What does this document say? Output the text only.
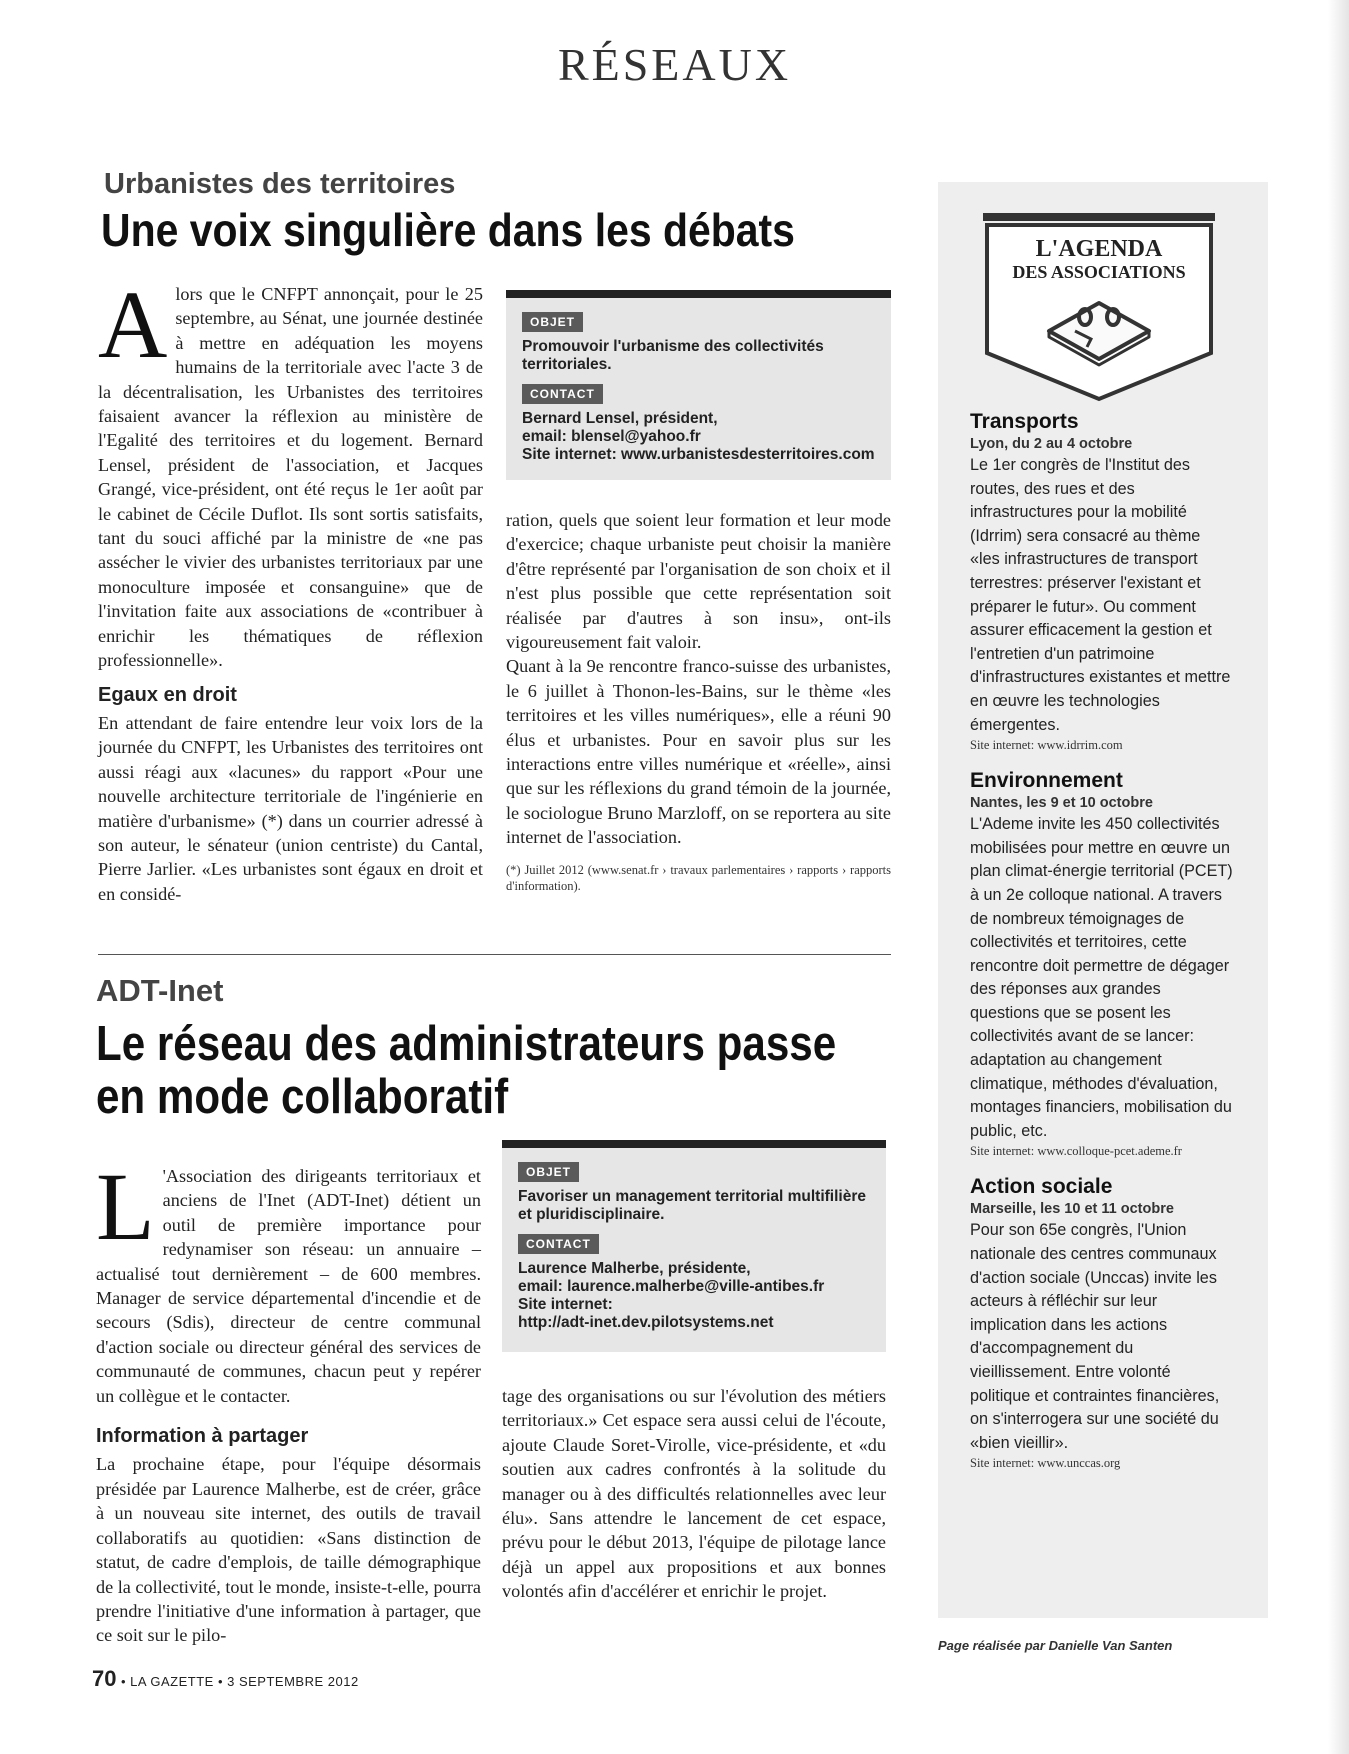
RÉSEAUX
Urbanistes des territoires
Une voix singulière dans les débats

A lors que le CNFPT annonçait, pour le 25 septembre, au Sénat, une journée destinée à mettre en adéquation les moyens humains de la territoriale avec l'acte 3 de la décentralisation, les Urbanistes des territoires faisaient avancer la réflexion au ministère de l'Egalité des territoires et du logement. Bernard Lensel, président de l'association, et Jacques Grangé, vice-président, ont été reçus le 1er août par le cabinet de Cécile Duflot. Ils sont sortis satisfaits, tant du souci affiché par la ministre de «ne pas assécher le vivier des urbanistes territoriaux par une monoculture imposée et consanguine» que de l'invitation faite aux associations de «contribuer à enrichir les thématiques de réflexion professionnelle».

Egaux en droit

En attendant de faire entendre leur voix lors de la journée du CNFPT, les Urbanistes des territoires ont aussi réagi aux «lacunes» du rapport «Pour une nouvelle architecture territoriale de l'ingénierie en matière d'urbanisme» (*) dans un courrier adressé à son auteur, le sénateur (union centriste) du Cantal, Pierre Jarlier. «Les urbanistes sont égaux en droit et en considé-

OBJET
Promouvoir l'urbanisme des collectivités territoriales.
CONTACT
Bernard Lensel, président,
email: blensel@yahoo.fr
Site internet: www.urbanistesdesterritoires.com

ration, quels que soient leur formation et leur mode d'exercice; chaque urbaniste peut choisir la manière d'être représenté par l'organisation de son choix et il n'est plus possible que cette représentation soit réalisée par d'autres à son insu», ont-ils vigoureusement fait valoir.

Quant à la 9e rencontre franco-suisse des urbanistes, le 6 juillet à Thonon-les-Bains, sur le thème «les territoires et les villes numériques», elle a réuni 90 élus et urbanistes. Pour en savoir plus sur les interactions entre villes numérique et «réelle», ainsi que sur les réflexions du grand témoin de la journée, le sociologue Bruno Marzloff, on se reportera au site internet de l'association.

(*) Juillet 2012 (www.senat.fr › travaux parlementaires › rapports › rapports d'information).
ADT-Inet
Le réseau des administrateurs passe
en mode collaboratif

L 'Association des dirigeants territoriaux et anciens de l'Inet (ADT-Inet) détient un outil de première importance pour redynamiser son réseau: un annuaire – actualisé tout dernièrement – de 600 membres. Manager de service départemental d'incendie et de secours (Sdis), directeur de centre communal d'action sociale ou directeur général des services de communauté de communes, chacun peut y repérer un collègue et le contacter.

Information à partager

La prochaine étape, pour l'équipe désormais présidée par Laurence Malherbe, est de créer, grâce à un nouveau site internet, des outils de travail collaboratifs au quotidien: «Sans distinction de statut, de cadre d'emplois, de taille démographique de la collectivité, tout le monde, insiste-t-elle, pourra prendre l'initiative d'une information à partager, que ce soit sur le pilo-

OBJET
Favoriser un management territorial multifilière et pluridisciplinaire.
CONTACT
Laurence Malherbe, présidente,
email: laurence.malherbe@ville-antibes.fr
Site internet:
http://adt-inet.dev.pilotsystems.net

tage des organisations ou sur l'évolution des métiers territoriaux.» Cet espace sera aussi celui de l'écoute, ajoute Claude Soret-Virolle, vice-présidente, et «du soutien aux cadres confrontés à la solitude du manager ou à des difficultés relationnelles avec leur élu». Sans attendre le lancement de cet espace, prévu pour le début 2013, l'équipe de pilotage lance déjà un appel aux propositions et aux bonnes volontés afin d'accélérer et enrichir le projet.

L'AGENDA
DES ASSOCIATIONS
Transports
Lyon, du 2 au 4 octobre
Le 1er congrès de l'Institut des routes, des rues et des infrastructures pour la mobilité (Idrrim) sera consacré au thème «les infrastructures de transport terrestres: préserver l'existant et préparer le futur». Ou comment assurer efficacement la gestion et l'entretien d'un patrimoine d'infrastructures existantes et mettre en œuvre les technologies émergentes.
Site internet: www.idrrim.com
Environnement
Nantes, les 9 et 10 octobre
L'Ademe invite les 450 collectivités mobilisées pour mettre en œuvre un plan climat-énergie territorial (PCET) à un 2e colloque national. A travers de nombreux témoignages de collectivités et territoires, cette rencontre doit permettre de dégager des réponses aux grandes questions que se posent les collectivités avant de se lancer: adaptation au changement climatique, méthodes d'évaluation, montages financiers, mobilisation du public, etc.
Site internet: www.colloque-pcet.ademe.fr
Action sociale
Marseille, les 10 et 11 octobre
Pour son 65e congrès, l'Union nationale des centres communaux d'action sociale (Unccas) invite les acteurs à réfléchir sur leur implication dans les actions d'accompagnement du vieillissement. Entre volonté politique et contraintes financières, on s'interrogera sur une société du «bien vieillir».
Site internet: www.unccas.org
Page réalisée par Danielle Van Santen
70 • LA GAZETTE • 3 SEPTEMBRE 2012
